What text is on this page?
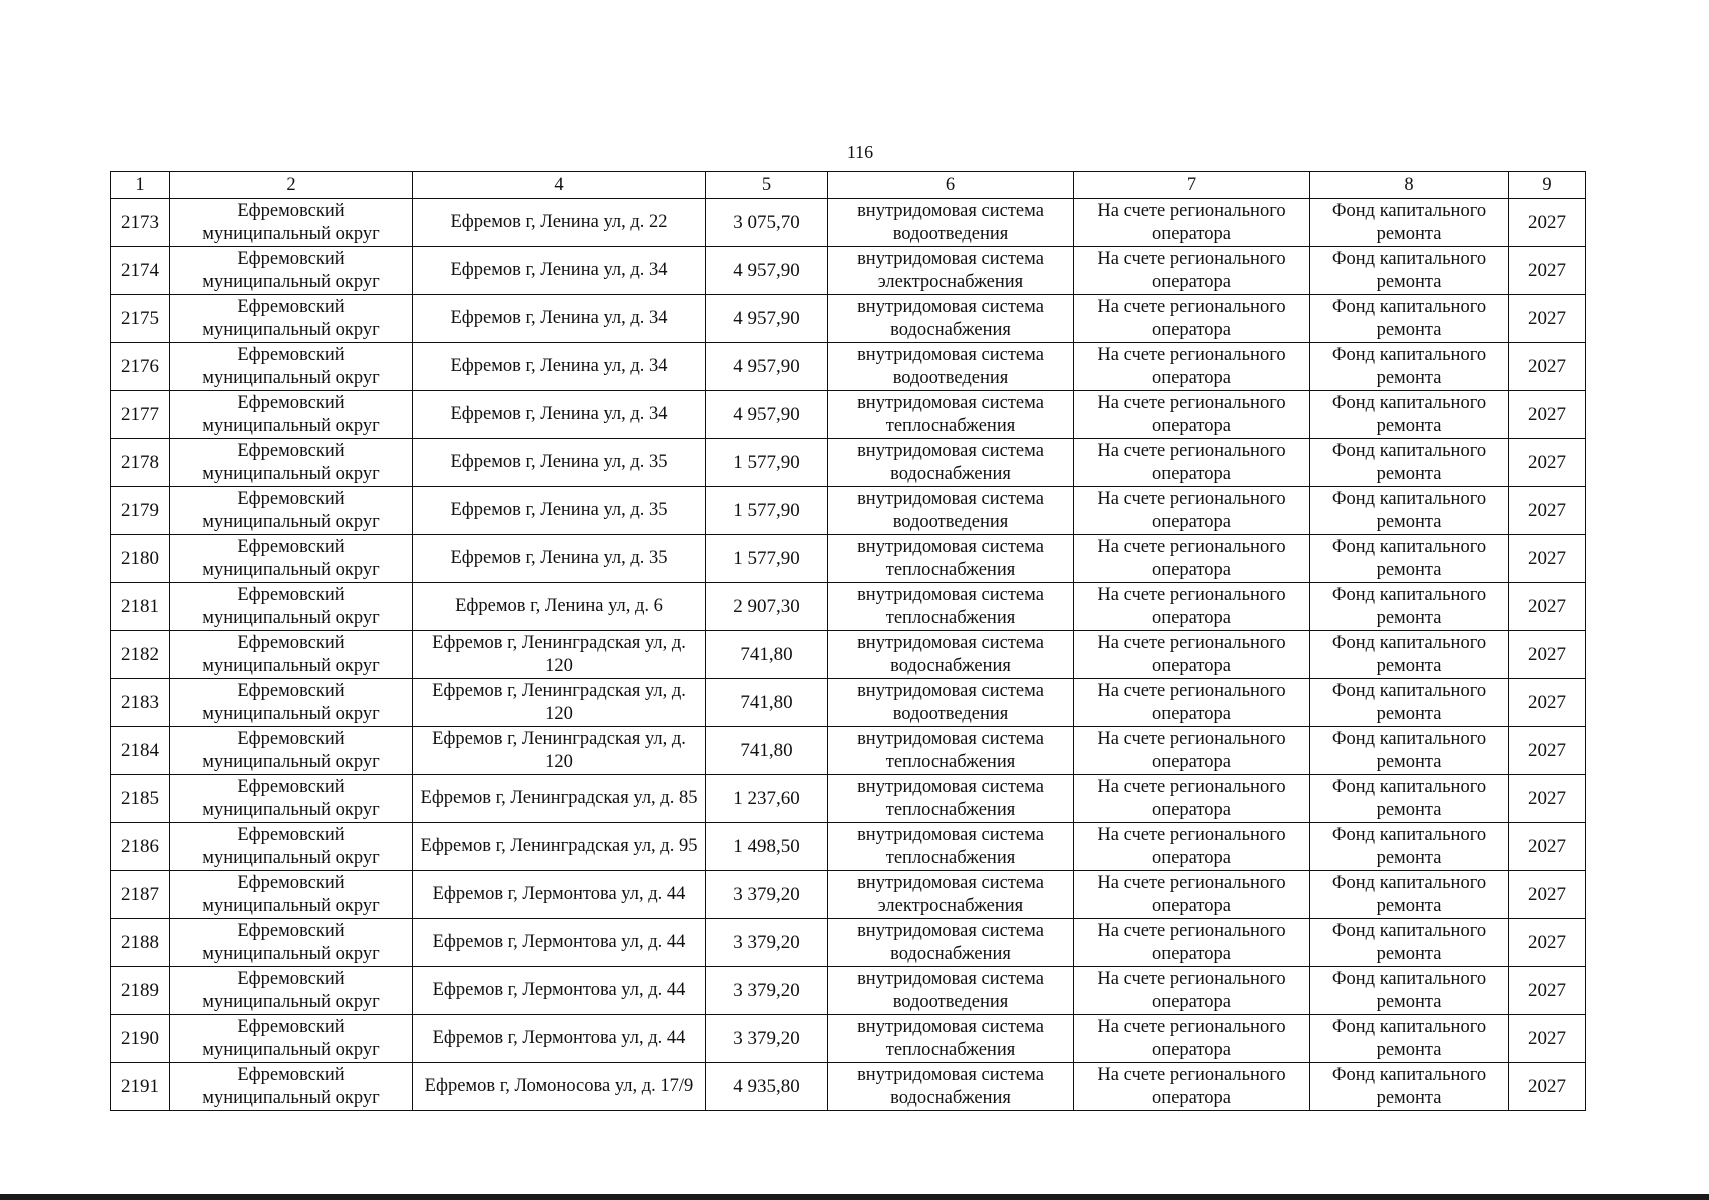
116
1	2	4	5	6	7	8	9
2173	Ефремовский муниципальный округ	Ефремов г, Ленина ул, д. 22	3 075,70	внутридомовая система водоотведения	На счете регионального оператора	Фонд капитального ремонта	2027
2174	Ефремовский муниципальный округ	Ефремов г, Ленина ул, д. 34	4 957,90	внутридомовая система электроснабжения	На счете регионального оператора	Фонд капитального ремонта	2027
2175	Ефремовский муниципальный округ	Ефремов г, Ленина ул, д. 34	4 957,90	внутридомовая система водоснабжения	На счете регионального оператора	Фонд капитального ремонта	2027
2176	Ефремовский муниципальный округ	Ефремов г, Ленина ул, д. 34	4 957,90	внутридомовая система водоотведения	На счете регионального оператора	Фонд капитального ремонта	2027
2177	Ефремовский муниципальный округ	Ефремов г, Ленина ул, д. 34	4 957,90	внутридомовая система теплоснабжения	На счете регионального оператора	Фонд капитального ремонта	2027
2178	Ефремовский муниципальный округ	Ефремов г, Ленина ул, д. 35	1 577,90	внутридомовая система водоснабжения	На счете регионального оператора	Фонд капитального ремонта	2027
2179	Ефремовский муниципальный округ	Ефремов г, Ленина ул, д. 35	1 577,90	внутридомовая система водоотведения	На счете регионального оператора	Фонд капитального ремонта	2027
2180	Ефремовский муниципальный округ	Ефремов г, Ленина ул, д. 35	1 577,90	внутридомовая система теплоснабжения	На счете регионального оператора	Фонд капитального ремонта	2027
2181	Ефремовский муниципальный округ	Ефремов г, Ленина ул, д. 6	2 907,30	внутридомовая система теплоснабжения	На счете регионального оператора	Фонд капитального ремонта	2027
2182	Ефремовский муниципальный округ	Ефремов г, Ленинградская ул, д. 120	741,80	внутридомовая система водоснабжения	На счете регионального оператора	Фонд капитального ремонта	2027
2183	Ефремовский муниципальный округ	Ефремов г, Ленинградская ул, д. 120	741,80	внутридомовая система водоотведения	На счете регионального оператора	Фонд капитального ремонта	2027
2184	Ефремовский муниципальный округ	Ефремов г, Ленинградская ул, д. 120	741,80	внутридомовая система теплоснабжения	На счете регионального оператора	Фонд капитального ремонта	2027
2185	Ефремовский муниципальный округ	Ефремов г, Ленинградская ул, д. 85	1 237,60	внутридомовая система теплоснабжения	На счете регионального оператора	Фонд капитального ремонта	2027
2186	Ефремовский муниципальный округ	Ефремов г, Ленинградская ул, д. 95	1 498,50	внутридомовая система теплоснабжения	На счете регионального оператора	Фонд капитального ремонта	2027
2187	Ефремовский муниципальный округ	Ефремов г, Лермонтова ул, д. 44	3 379,20	внутридомовая система электроснабжения	На счете регионального оператора	Фонд капитального ремонта	2027
2188	Ефремовский муниципальный округ	Ефремов г, Лермонтова ул, д. 44	3 379,20	внутридомовая система водоснабжения	На счете регионального оператора	Фонд капитального ремонта	2027
2189	Ефремовский муниципальный округ	Ефремов г, Лермонтова ул, д. 44	3 379,20	внутридомовая система водоотведения	На счете регионального оператора	Фонд капитального ремонта	2027
2190	Ефремовский муниципальный округ	Ефремов г, Лермонтова ул, д. 44	3 379,20	внутридомовая система теплоснабжения	На счете регионального оператора	Фонд капитального ремонта	2027
2191	Ефремовский муниципальный округ	Ефремов г, Ломоносова ул, д. 17/9	4 935,80	внутридомовая система водоснабжения	На счете регионального оператора	Фонд капитального ремонта	2027
